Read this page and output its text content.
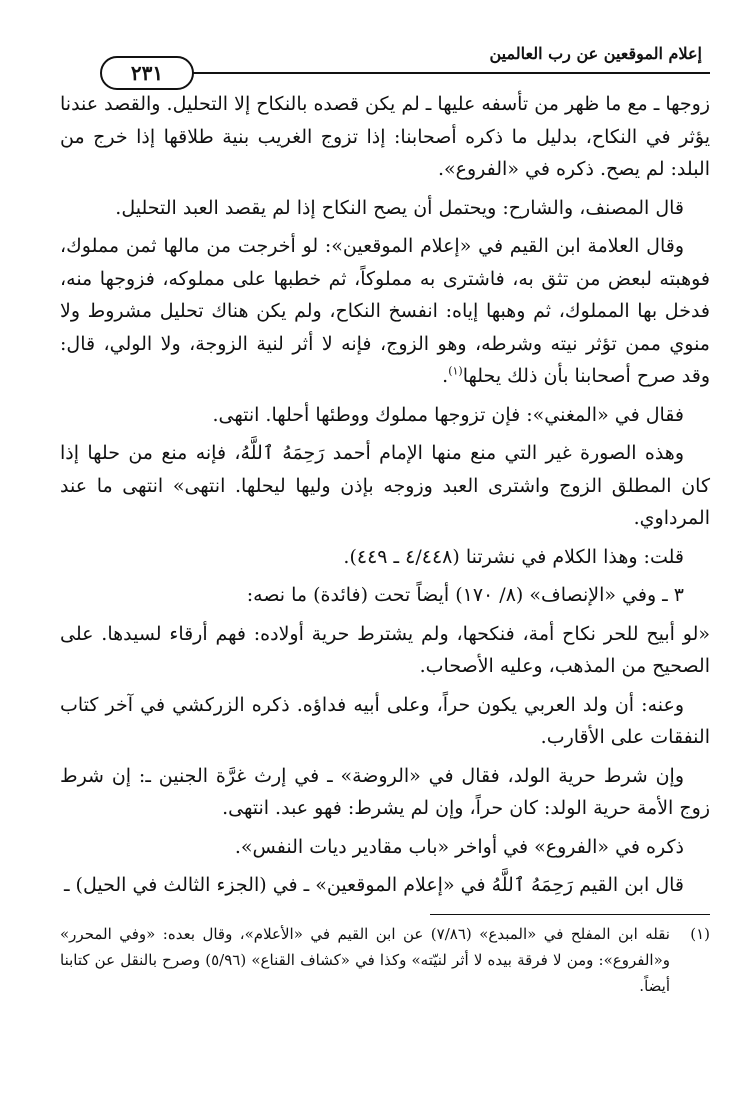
إعلام الموقعين عن رب العالمين
٢٣١

زوجها ـ مع ما ظهر من تأسفه عليها ـ لم يكن قصده بالنكاح إلا التحليل. والقصد عندنا يؤثر في النكاح، بدليل ما ذكره أصحابنا: إذا تزوج الغريب بنية طلاقها إذا خرج من البلد: لم يصح. ذكره في «الفروع».

قال المصنف، والشارح: ويحتمل أن يصح النكاح إذا لم يقصد العبد التحليل.

وقال العلامة ابن القيم في «إعلام الموقعين»: لو أخرجت من مالها ثمن مملوك، فوهبته لبعض من تثق به، فاشترى به مملوكاً، ثم خطبها على مملوكه، فزوجها منه، فدخل بها المملوك، ثم وهبها إياه: انفسخ النكاح، ولم يكن هناك تحليل مشروط ولا منوي ممن تؤثر نيته وشرطه، وهو الزوج، فإنه لا أثر لنية الزوجة، ولا الولي، قال: وقد صرح أصحابنا بأن ذلك يحلها$^{(١)}$.

فقال في «المغني»: فإن تزوجها مملوك ووطئها أحلها. انتهى.

وهذه الصورة غير التي منع منها الإمام أحمد رَحِمَهُ ٱللَّهُ، فإنه منع من حلها إذا كان المطلق الزوج واشترى العبد وزوجه بإذن وليها ليحلها. انتهى» انتهى ما عند المرداوي.

قلت: وهذا الكلام في نشرتنا (٤/٤٤٨ ـ ٤٤٩).

٣ ـ وفي «الإنصاف» (٨/ ١٧٠) أيضاً تحت (فائدة) ما نصه:

«لو أبيح للحر نكاح أمة، فنكحها، ولم يشترط حرية أولاده: فهم أرقاء لسيدها. على الصحيح من المذهب، وعليه الأصحاب.

وعنه: أن ولد العربي يكون حراً، وعلى أبيه فداؤه. ذكره الزركشي في آخر كتاب النفقات على الأقارب.

وإن شرط حرية الولد، فقال في «الروضة» ـ في إرث غرَّة الجنين ـ: إن شرط زوج الأمة حرية الولد: كان حراً، وإن لم يشرط: فهو عبد. انتهى.

ذكره في «الفروع» في أواخر «باب مقادير ديات النفس».

قال ابن القيم رَحِمَهُ ٱللَّهُ في «إعلام الموقعين» ـ في (الجزء الثالث في الحيل) ـ

(١)
نقله ابن المفلح في «المبدع» (٧/٨٦) عن ابن القيم في «الأعلام»، وقال بعده: «وفي المحرر» و«الفروع»: ومن لا فرقة بيده لا أثر لنيّته» وكذا في «كشاف القناع» (٥/٩٦) وصرح بالنقل عن كتابنا أيضاً.
